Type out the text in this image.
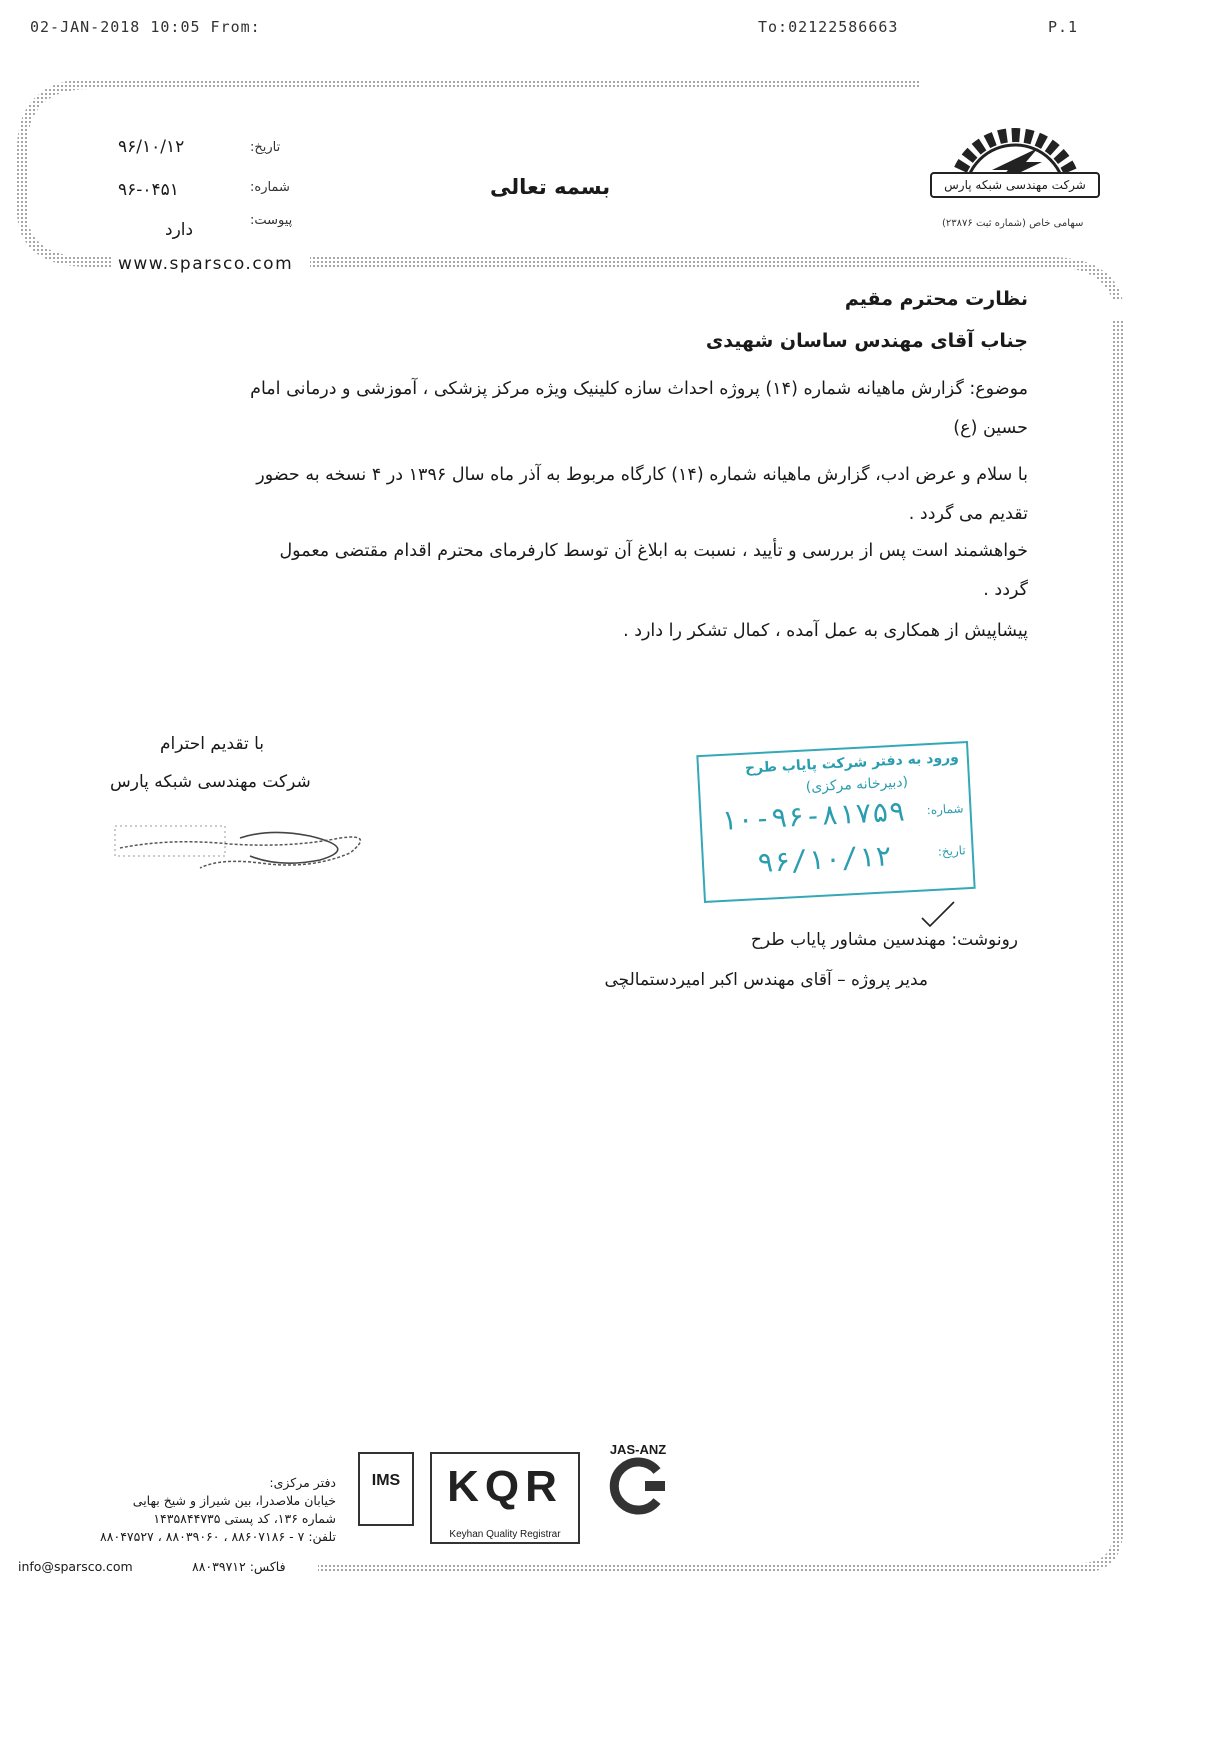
02-JAN-2018 10:05 From:	To:02122586663	P.1
شرکت مهندسی شبکه پارس
سهامی خاص (شماره ثبت ۲۳۸۷۶)
بسمه تعالی
۹۶/۱۰/۱۲	تاریخ:
۹۶-۰۴۵۱	شماره:
دارد	پیوست:
www.sparsco.com
نظارت محترم مقیم
جناب آقای مهندس ساسان شهیدی
موضوع: گزارش ماهیانه شماره (۱۴) پروژه احداث سازه کلینیک ویژه مرکز پزشکی ، آموزشی و درمانی امام
حسین (ع)
با سلام و عرض ادب، گزارش ماهیانه شماره (۱۴) کارگاه مربوط به آذر ماه سال ۱۳۹۶ در ۴ نسخه به حضور
تقدیم می گردد .
خواهشمند است پس از بررسی و تأیید ، نسبت به ابلاغ آن توسط کارفرمای محترم اقدام مقتضی معمول
گردد .
پیشاپیش از همکاری به عمل آمده ، کمال تشکر را دارد .
با تقدیم احترام
شرکت مهندسی شبکه پارس
ورود به دفتر شرکت پایاب طرح
(دبیرخانه مرکزی)
شماره:
۱۰-۹۶-۸۱۷۵۹
تاریخ:
۹۶/۱۰/۱۲
رونوشت: مهندسین مشاور پایاب طرح
مدیر پروژه – آقای مهندس اکبر امیردستمالچی
دفتر مرکزی:
خیابان ملاصدرا، بین شیراز و شیخ بهایی
شماره ۱۳۶، کد پستی ۱۴۳۵۸۴۴۷۳۵
تلفن: ۷ - ۸۸۶۰۷۱۸۶ ، ۸۸۰۳۹۰۶۰ ، ۸۸۰۴۷۵۲۷
info@sparsco.com	فاکس: ۸۸۰۳۹۷۱۲
IMS	KQR
Keyhan Quality Registrar
JAS-ANZ
